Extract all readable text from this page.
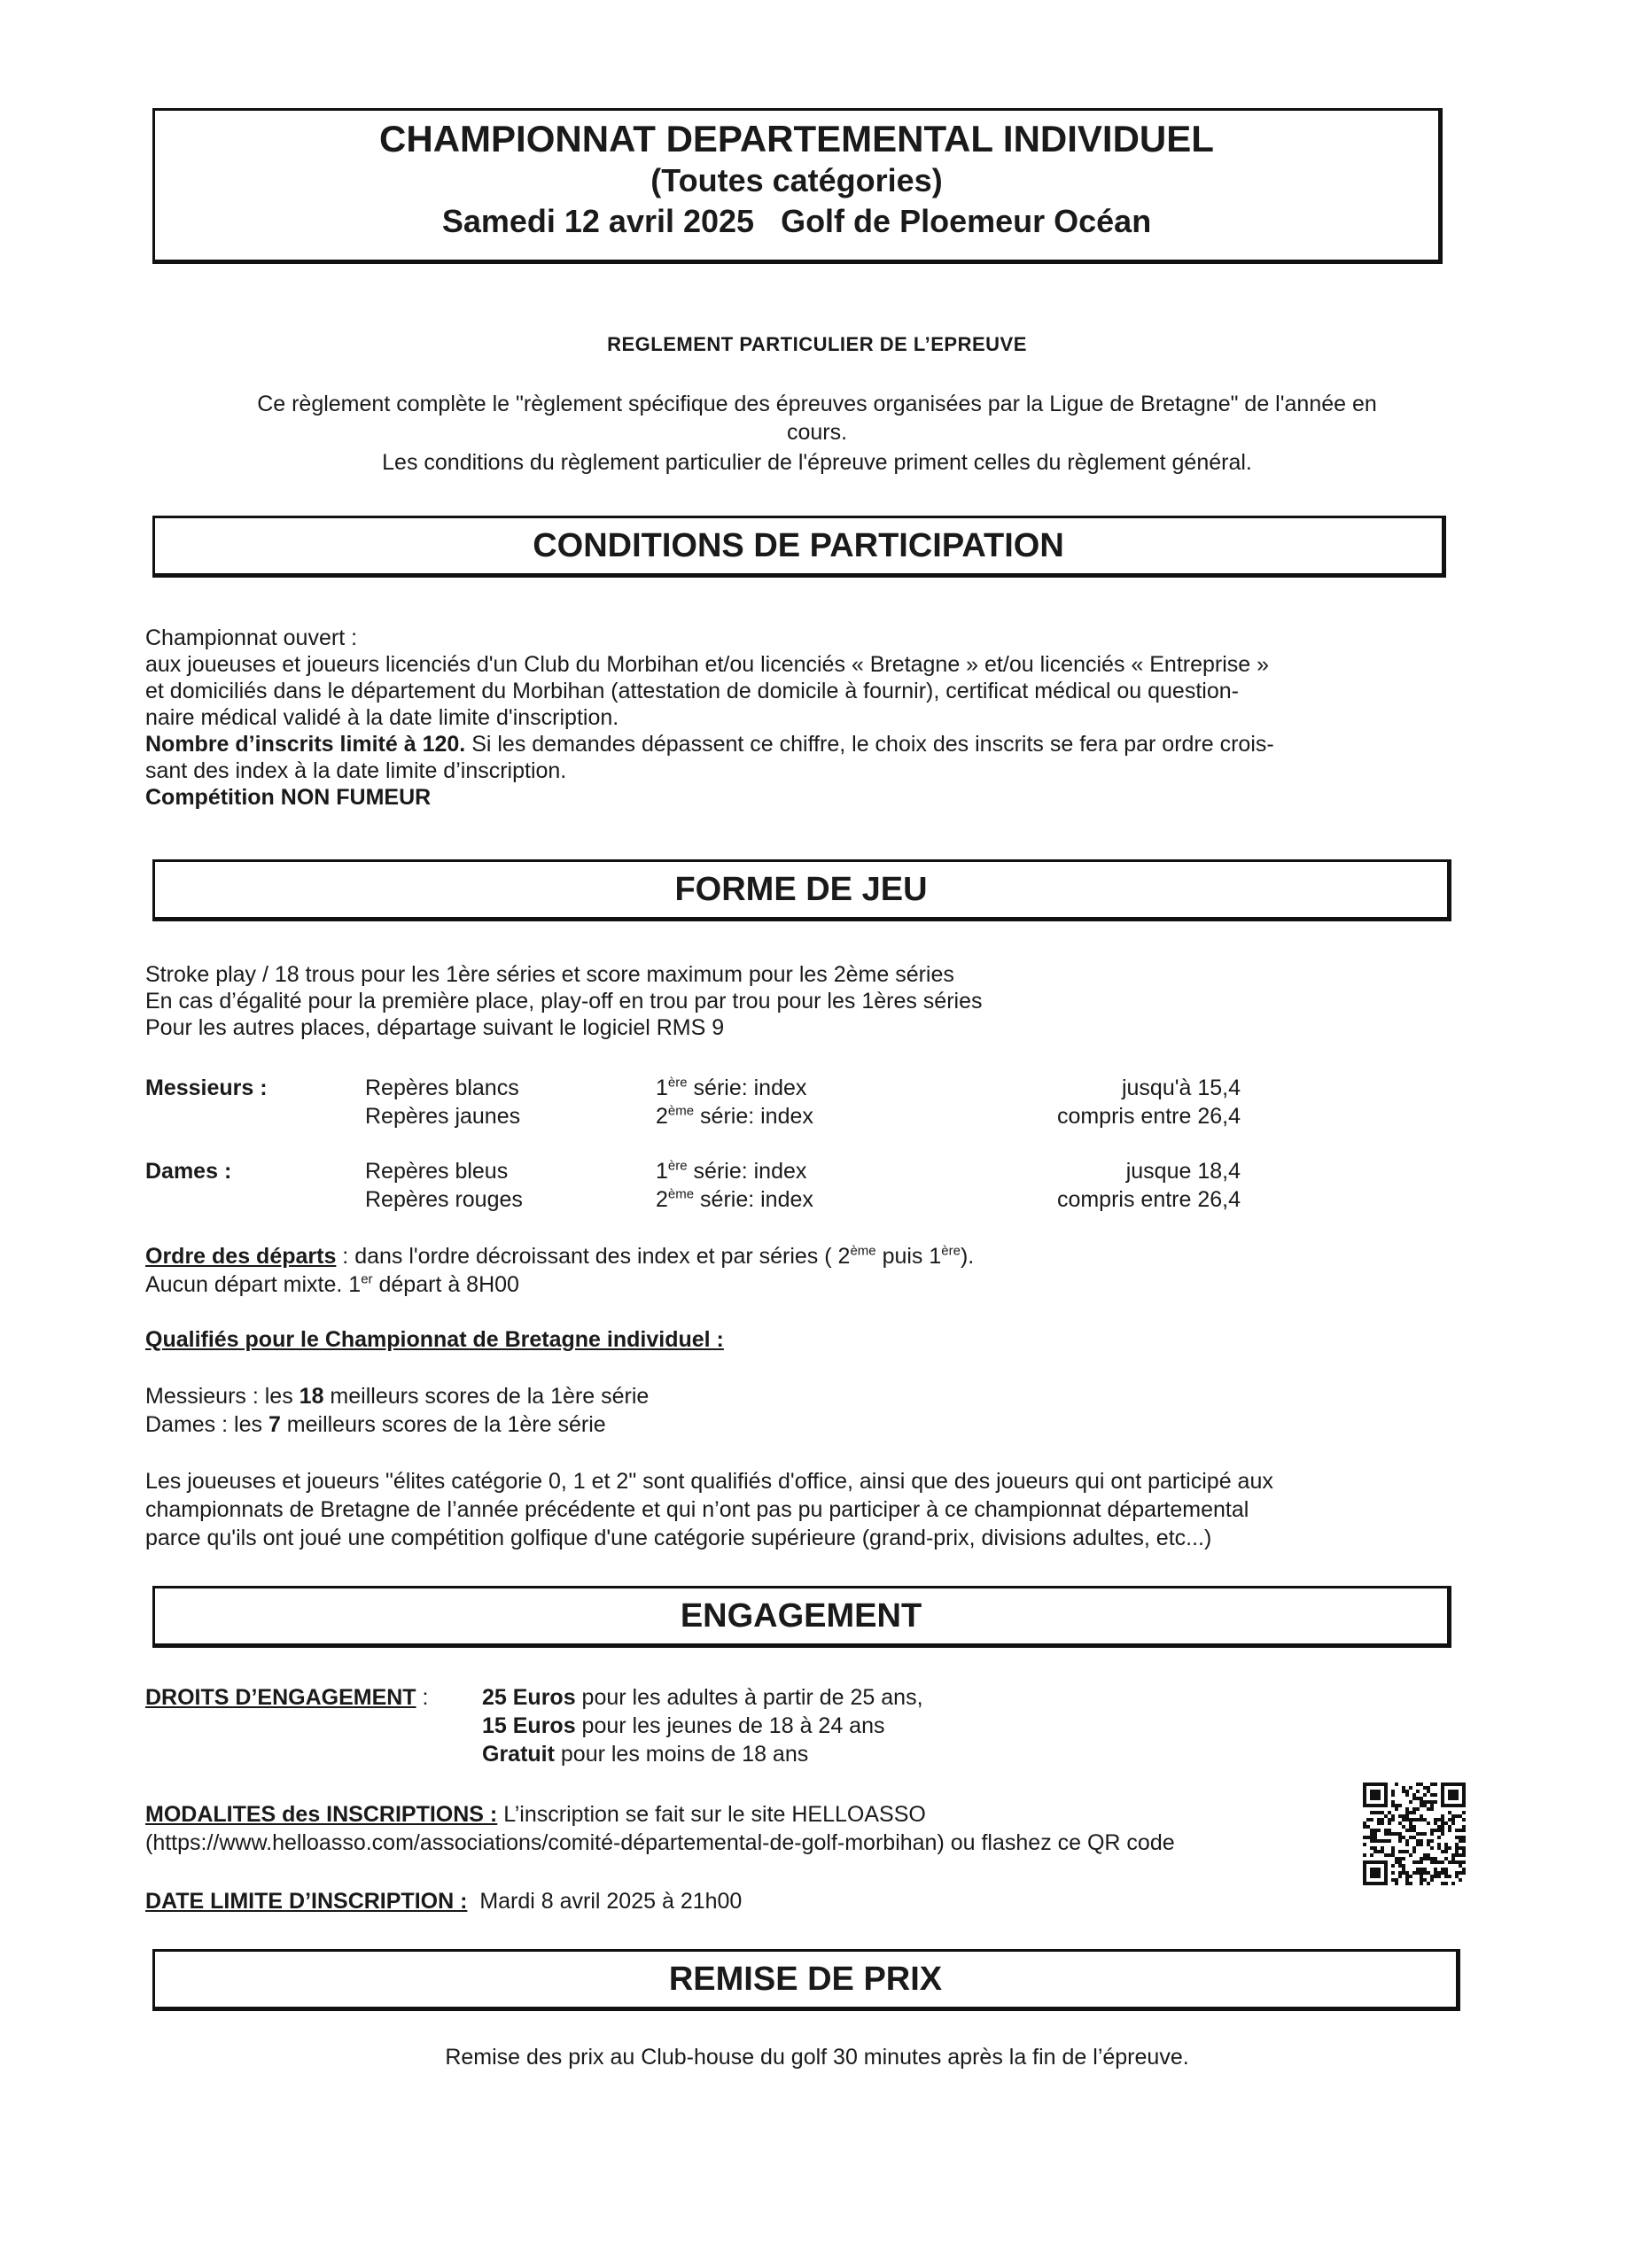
CHAMPIONNAT DEPARTEMENTAL INDIVIDUEL
(Toutes catégories)
Samedi 12 avril 2025   Golf de Ploemeur Océan
REGLEMENT PARTICULIER DE L’EPREUVE
Ce règlement complète le "règlement spécifique des épreuves organisées par la Ligue de Bretagne" de l'année en
cours.
Les conditions du règlement particulier de l'épreuve priment celles du règlement général.
CONDITIONS DE PARTICIPATION
Championnat ouvert :
aux joueuses et joueurs licenciés d'un Club du Morbihan et/ou licenciés « Bretagne » et/ou licenciés « Entreprise »
et domiciliés dans le département du Morbihan (attestation de domicile à fournir), certificat médical ou question-
naire médical validé à la date limite d'inscription.
Nombre d’inscrits limité à 120. Si les demandes dépassent ce chiffre, le choix des inscrits se fera par ordre crois-
sant des index à la date limite d’inscription.
Compétition NON FUMEUR
FORME DE JEU
Stroke play / 18 trous pour les 1ère séries et score maximum pour les 2ème séries
En cas d’égalité pour la première place, play-off en trou par trou pour les 1ères séries
Pour les autres places, départage suivant le logiciel RMS 9
Messieurs :	Repères blancs	1ère série: index	jusqu'à 15,4
Repères jaunes	2ème série: index	compris entre 26,4
Dames :	Repères bleus	1ère série: index	jusque 18,4
Repères rouges	2ème série: index	compris entre 26,4
Ordre des départs : dans l'ordre décroissant des index et par séries ( 2ème puis 1ère).
Aucun départ mixte. 1er départ à 8H00
Qualifiés pour le Championnat de Bretagne individuel :
Messieurs : les 18 meilleurs scores de la 1ère série
Dames : les 7 meilleurs scores de la 1ère série
Les joueuses et joueurs "élites catégorie 0, 1 et 2" sont qualifiés d'office, ainsi que des joueurs qui ont participé aux
championnats de Bretagne de l’année précédente et qui n’ont pas pu participer à ce championnat départemental
parce qu'ils ont joué une compétition golfique d'une catégorie supérieure (grand-prix, divisions adultes, etc...)
ENGAGEMENT
DROITS D’ENGAGEMENT : 25 Euros pour les adultes à partir de 25 ans,
15 Euros pour les jeunes de 18 à 24 ans
Gratuit pour les moins de 18 ans
MODALITES des INSCRIPTIONS : L’inscription se fait sur le site HELLOASSO
(https://www.helloasso.com/associations/comité-départemental-de-golf-morbihan) ou flashez ce QR code
DATE LIMITE D’INSCRIPTION :  Mardi 8 avril 2025 à 21h00
REMISE DE PRIX
Remise des prix au Club-house du golf 30 minutes après la fin de l’épreuve.
